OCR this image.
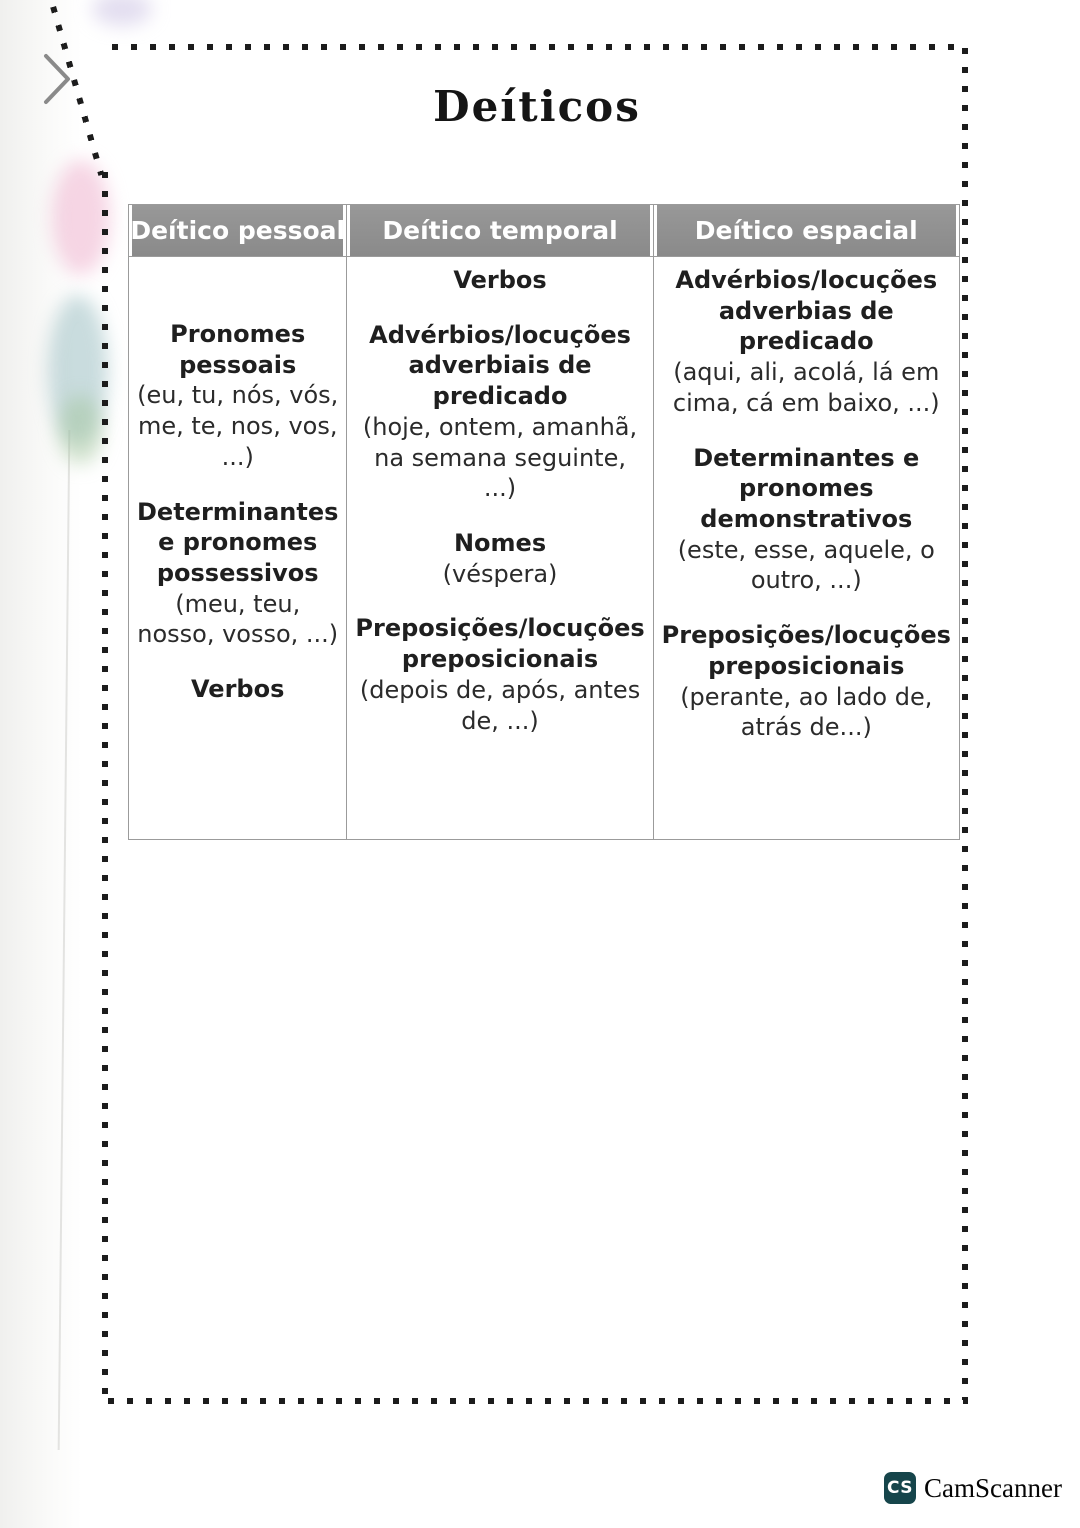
Deíticos
Deítico pessoal
Pronomes pessoais
(eu, tu, nós, vós, me, te, nos, vos, ...)
Determinantes e pronomes possessivos
(meu, teu, nosso, vosso, ...)
Verbos
Deítico temporal
Verbos
Advérbios/locuções adverbiais de predicado
(hoje, ontem, amanhã, na semana seguinte, ...)
Nomes
(véspera)
Preposições/locuções preposicionais
(depois de, após, antes de, ...)
Deítico espacial
Advérbios/locuções adverbias de predicado
(aqui, ali, acolá, lá em cima, cá em baixo, ...)
Determinantes e pronomes demonstrativos
(este, esse, aquele, o outro, ...)
Preposições/locuções preposicionais
(perante, ao lado de, atrás de...)
CS CamScanner
